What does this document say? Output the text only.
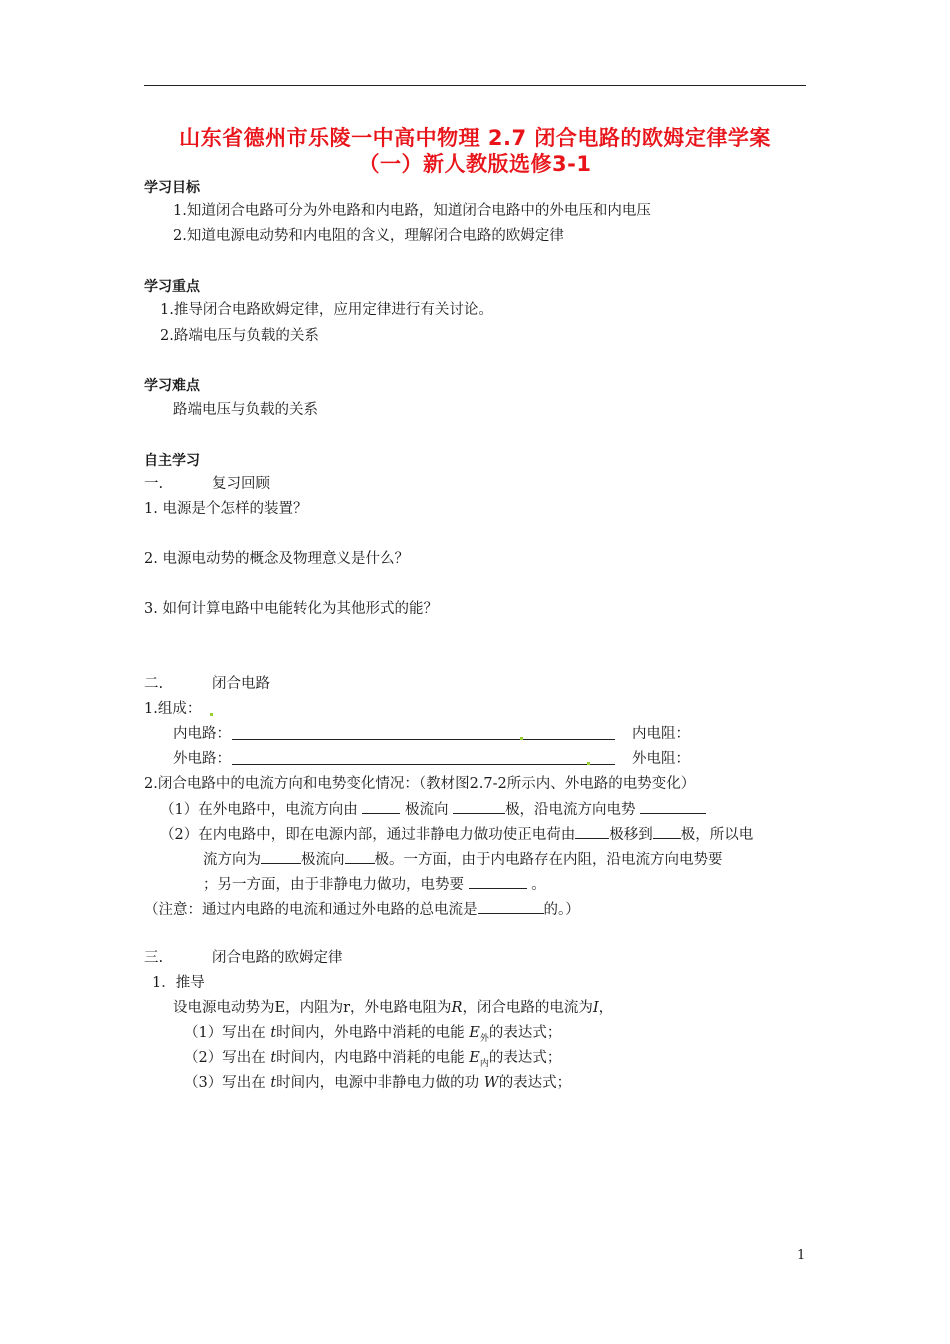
山东省德州市乐陵一中高中物理 2.7 闭合电路的欧姆定律学案
（一）新人教版选修3-1
学习目标
1.知道闭合电路可分为外电路和内电路，知道闭合电路中的外电压和内电压
2.知道电源电动势和内电阻的含义，理解闭合电路的欧姆定律
学习重点
1.推导闭合电路欧姆定律，应用定律进行有关讨论。
2.路端电压与负载的关系
学习难点
路端电压与负载的关系
自主学习
一.	复习回顾
1. 电源是个怎样的装置？
2. 电源电动势的概念及物理意义是什么？
3. 如何计算电路中电能转化为其他形式的能？
二.	闭合电路
1.组成：
内电路：	内电阻：
外电路：	外电阻：
2.闭合电路中的电流方向和电势变化情况：（教材图2.7-2所示内、外电路的电势变化）
（1）在外电路中，电流方向由	极流向	极，沿电流方向电势
（2）在内电路中，即在电源内部，通过非静电力做功使正电荷由 极移到 极，所以电
流方向为	极流向 极。一方面，由于内电路存在内阻，沿电流方向电势要
；另一方面，由于非静电力做功，电势要	。
（注意：通过内电路的电流和通过外电路的总电流是	的。）
三.	闭合电路的欧姆定律
1．推导
设电源电动势为E，内阻为r，外电路电阻为R，闭合电路的电流为I，
（1）写出在 t时间内，外电路中消耗的电能 $E_外$的表达式；
（2）写出在 t时间内，内电路中消耗的电能 $E_内$的表达式；
（3）写出在 t时间内，电源中非静电力做的功 W的表达式；
1
